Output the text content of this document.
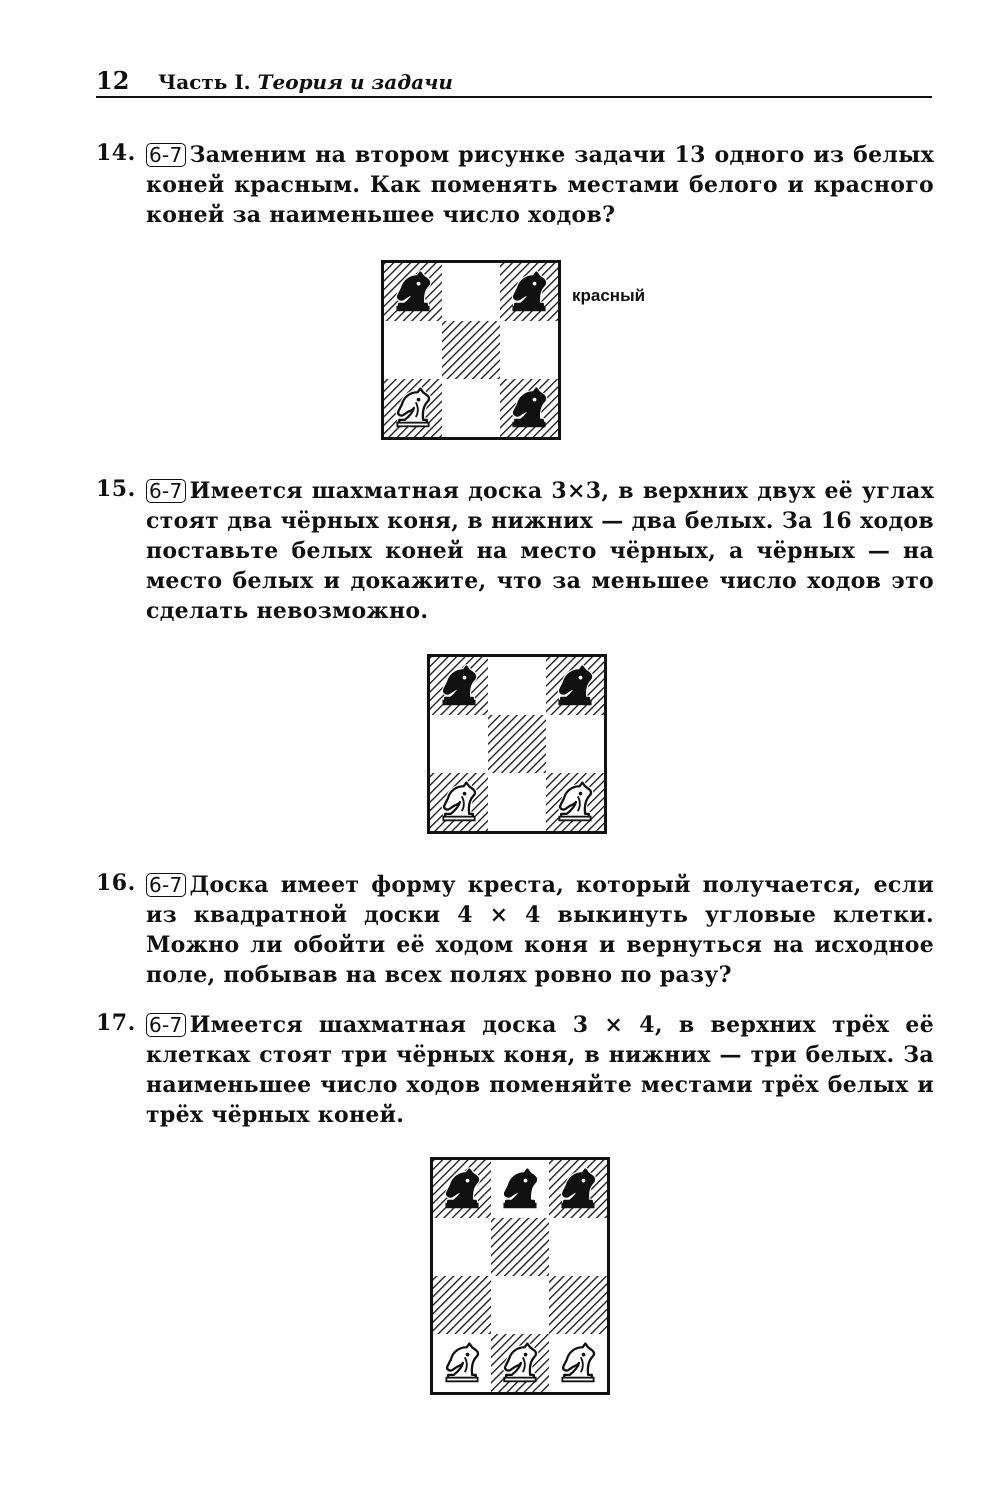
12 Часть I. Теория и задачи
14. 6-7 Заменим на втором рисунке задачи 13 одного из белых коней красным. Как поменять местами белого и красного коней за наименьшее число ходов?
красный
15. 6-7 Имеется шахматная доска 3×3, в верхних двух её углах стоят два чёрных коня, в нижних — два белых. За 16 ходов поставьте белых коней на место чёрных, а чёрных — на место белых и докажите, что за меньшее число ходов это сделать невозможно.
16. 6-7 Доска имеет форму креста, который получается, если из квадратной доски 4 × 4 выкинуть угловые клетки. Можно ли обойти её ходом коня и вернуться на исходное поле, побывав на всех полях ровно по разу?
17. 6-7 Имеется шахматная доска 3 × 4, в верхних трёх её клетках стоят три чёрных коня, в нижних — три белых. За наименьшее число ходов поменяйте местами трёх белых и трёх чёрных коней.
